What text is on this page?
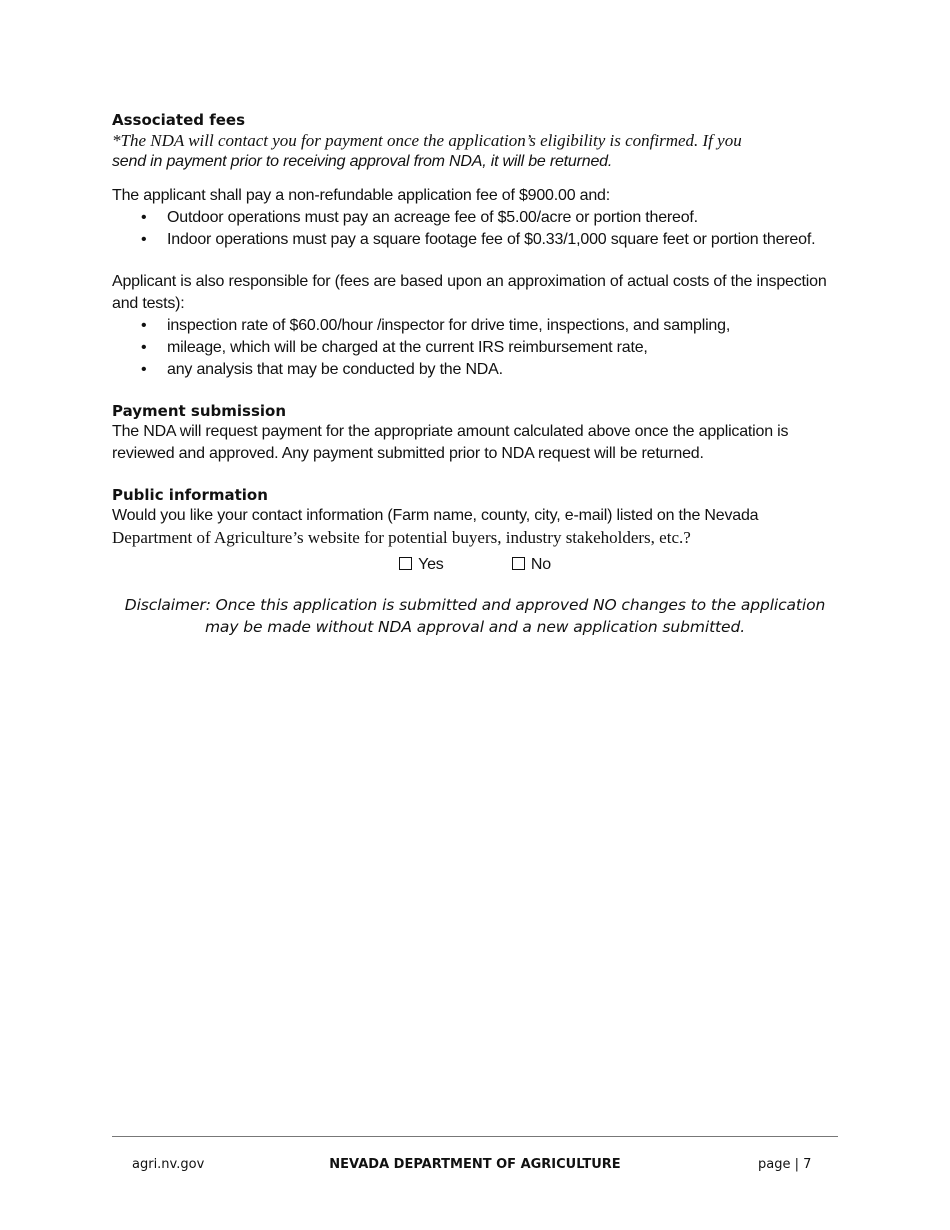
Associated fees

*The NDA will contact you for payment once the application’s eligibility is confirmed. If you

send in payment prior to receiving approval from NDA, it will be returned.

The applicant shall pay a non-refundable application fee of $900.00 and:

• Outdoor operations must pay an acreage fee of $5.00/acre or portion thereof.
• Indoor operations must pay a square footage fee of $0.33/1,000 square feet or portion thereof.

Applicant is also responsible for (fees are based upon an approximation of actual costs of the inspection and tests):

• inspection rate of $60.00/hour /inspector for drive time, inspections, and sampling,
• mileage, which will be charged at the current IRS reimbursement rate,
• any analysis that may be conducted by the NDA.

Payment submission

The NDA will request payment for the appropriate amount calculated above once the application is reviewed and approved. Any payment submitted prior to NDA request will be returned.

Public information

Would you like your contact information (Farm name, county, city, e-mail) listed on the Nevada

Department of Agriculture’s website for potential buyers, industry stakeholders, etc.?

Yes	No

Disclaimer: Once this application is submitted and approved NO changes to the application

may be made without NDA approval and a new application submitted.

agri.nv.gov	NEVADA DEPARTMENT OF AGRICULTURE	page | 7
